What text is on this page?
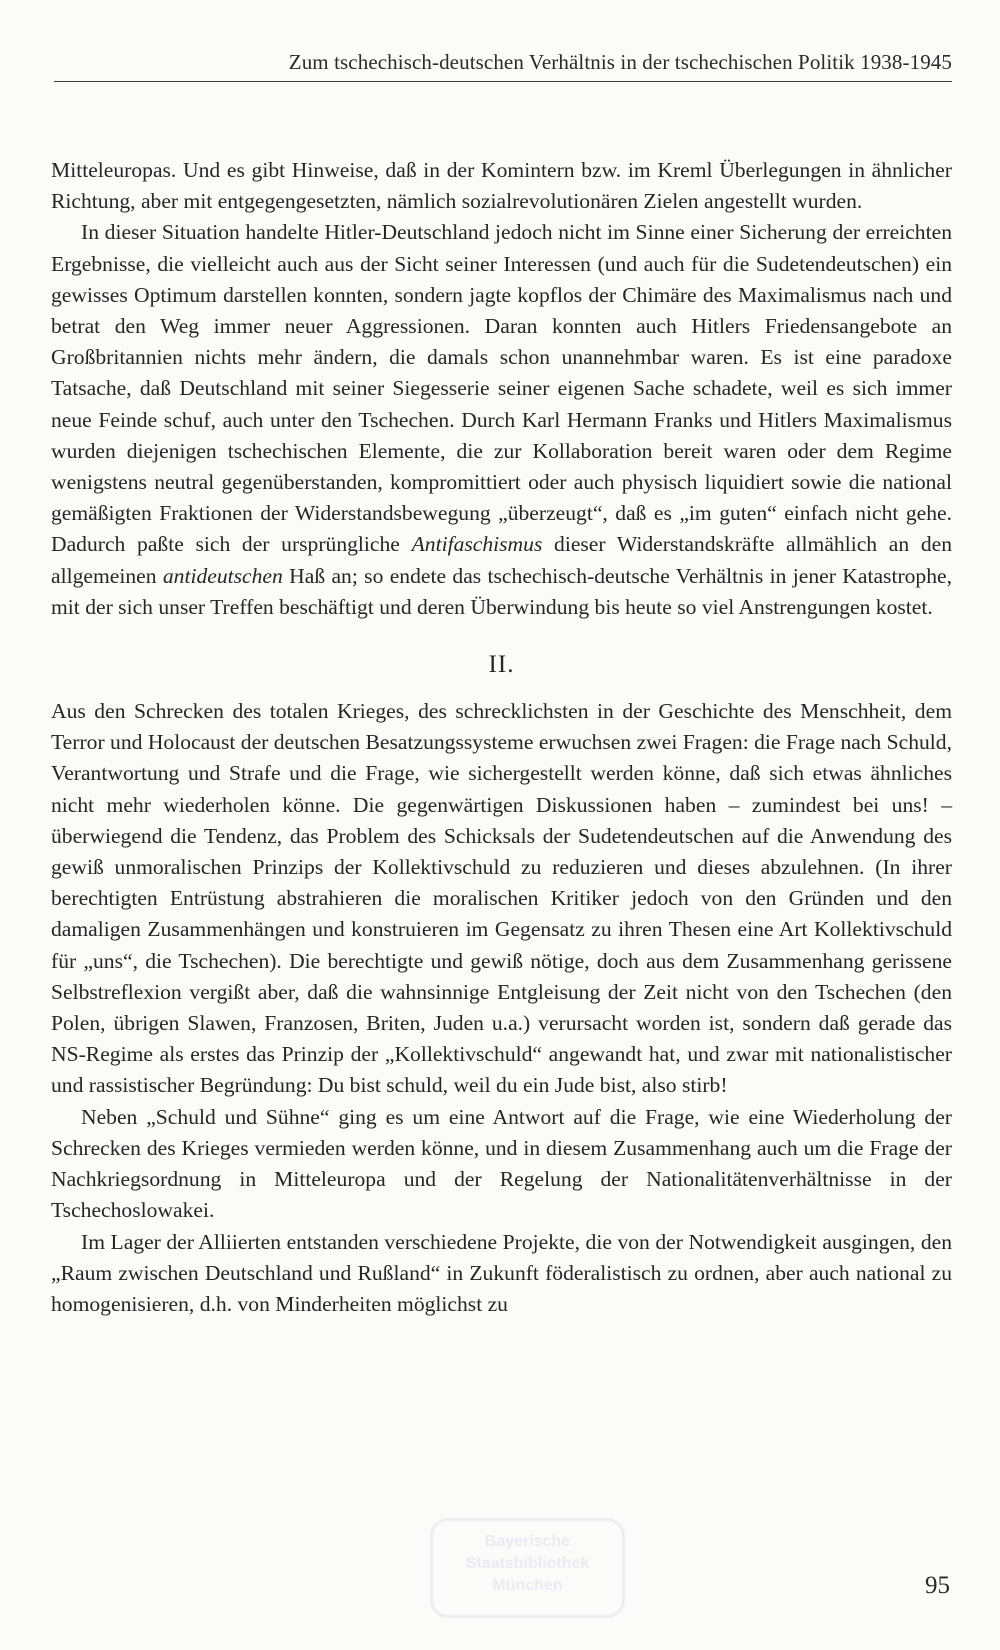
Zum tschechisch-deutschen Verhältnis in der tschechischen Politik 1938-1945

Mitteleuropas. Und es gibt Hinweise, daß in der Komintern bzw. im Kreml Überlegungen in ähnlicher Richtung, aber mit entgegengesetzten, nämlich sozialrevolutionären Zielen angestellt wurden.

In dieser Situation handelte Hitler-Deutschland jedoch nicht im Sinne einer Sicherung der erreichten Ergebnisse, die vielleicht auch aus der Sicht seiner Interessen (und auch für die Sudetendeutschen) ein gewisses Optimum darstellen konnten, sondern jagte kopflos der Chimäre des Maximalismus nach und betrat den Weg immer neuer Aggressionen. Daran konnten auch Hitlers Friedensangebote an Großbritannien nichts mehr ändern, die damals schon unannehmbar waren. Es ist eine paradoxe Tatsache, daß Deutschland mit seiner Siegesserie seiner eigenen Sache schadete, weil es sich immer neue Feinde schuf, auch unter den Tschechen. Durch Karl Hermann Franks und Hitlers Maximalismus wurden diejenigen tschechischen Elemente, die zur Kollaboration bereit waren oder dem Regime wenigstens neutral gegenüberstanden, kompromittiert oder auch physisch liquidiert sowie die national gemäßigten Fraktionen der Widerstandsbewegung „überzeugt“, daß es „im guten“ einfach nicht gehe. Dadurch paßte sich der ursprüngliche Antifaschismus dieser Widerstandskräfte allmählich an den allgemeinen antideutschen Haß an; so endete das tschechisch-deutsche Verhältnis in jener Katastrophe, mit der sich unser Treffen beschäftigt und deren Überwindung bis heute so viel Anstrengungen kostet.

II.

Aus den Schrecken des totalen Krieges, des schrecklichsten in der Geschichte des Menschheit, dem Terror und Holocaust der deutschen Besatzungssysteme erwuchsen zwei Fragen: die Frage nach Schuld, Verantwortung und Strafe und die Frage, wie sichergestellt werden könne, daß sich etwas ähnliches nicht mehr wiederholen könne. Die gegenwärtigen Diskussionen haben – zumindest bei uns! – überwiegend die Tendenz, das Problem des Schicksals der Sudetendeutschen auf die Anwendung des gewiß unmoralischen Prinzips der Kollektivschuld zu reduzieren und dieses abzulehnen. (In ihrer berechtigten Entrüstung abstrahieren die moralischen Kritiker jedoch von den Gründen und den damaligen Zusammenhängen und konstruieren im Gegensatz zu ihren Thesen eine Art Kollektivschuld für „uns“, die Tschechen). Die berechtigte und gewiß nötige, doch aus dem Zusammenhang gerissene Selbstreflexion vergißt aber, daß die wahnsinnige Entgleisung der Zeit nicht von den Tschechen (den Polen, übrigen Slawen, Franzosen, Briten, Juden u.a.) verursacht worden ist, sondern daß gerade das NS-Regime als erstes das Prinzip der „Kollektivschuld“ angewandt hat, und zwar mit nationalistischer und rassistischer Begründung: Du bist schuld, weil du ein Jude bist, also stirb!

Neben „Schuld und Sühne“ ging es um eine Antwort auf die Frage, wie eine Wiederholung der Schrecken des Krieges vermieden werden könne, und in diesem Zusammenhang auch um die Frage der Nachkriegsordnung in Mitteleuropa und der Regelung der Nationalitätenverhältnisse in der Tschechoslowakei.

Im Lager der Alliierten entstanden verschiedene Projekte, die von der Notwendigkeit ausgingen, den „Raum zwischen Deutschland und Rußland“ in Zukunft föderalistisch zu ordnen, aber auch national zu homogenisieren, d.h. von Minderheiten möglichst zu

Bayerische
Staatsbibliothek
München	95
